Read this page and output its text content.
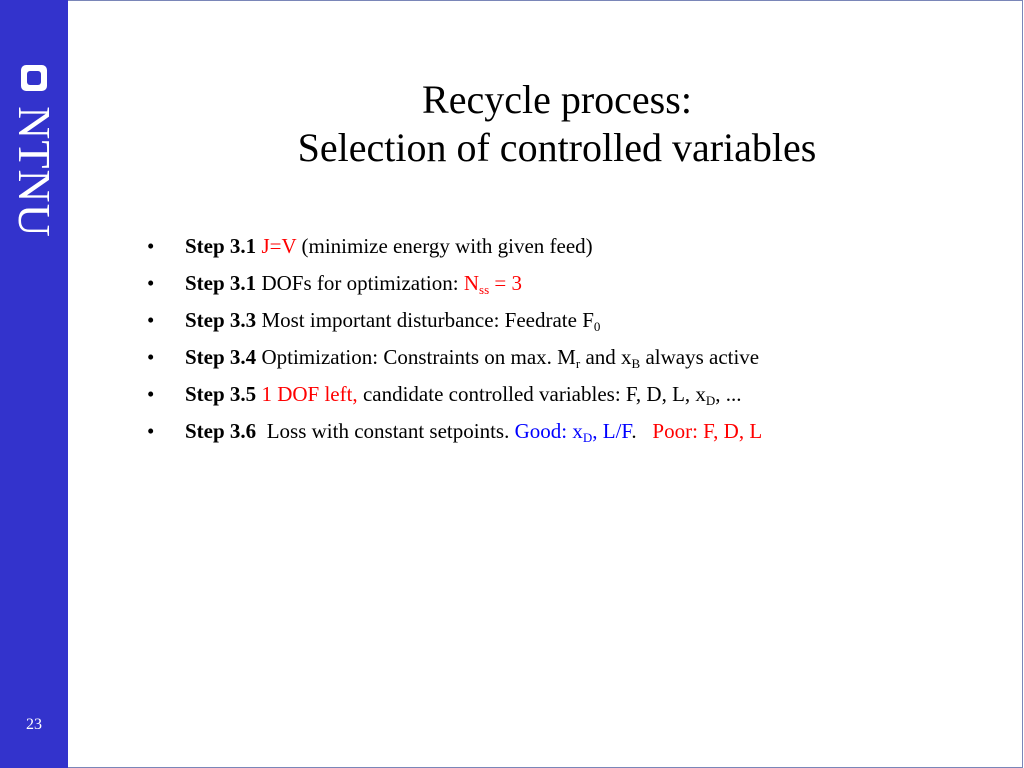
NTNU
23
Recycle process:
Selection of controlled variables
• Step 3.1 J=V (minimize energy with given feed)
• Step 3.1 DOFs for optimization: $N_{ss} = 3$
• Step 3.3 Most important disturbance: Feedrate $F_0$
• Step 3.4 Optimization: Constraints on max. $M_r$ and $x_B$ always active
• Step 3.5 1 DOF left, candidate controlled variables: F, D, L, $x_D$, ...
• Step 3.6  Loss with constant setpoints. Good: $x_D$, L/F.   Poor: F, D, L
